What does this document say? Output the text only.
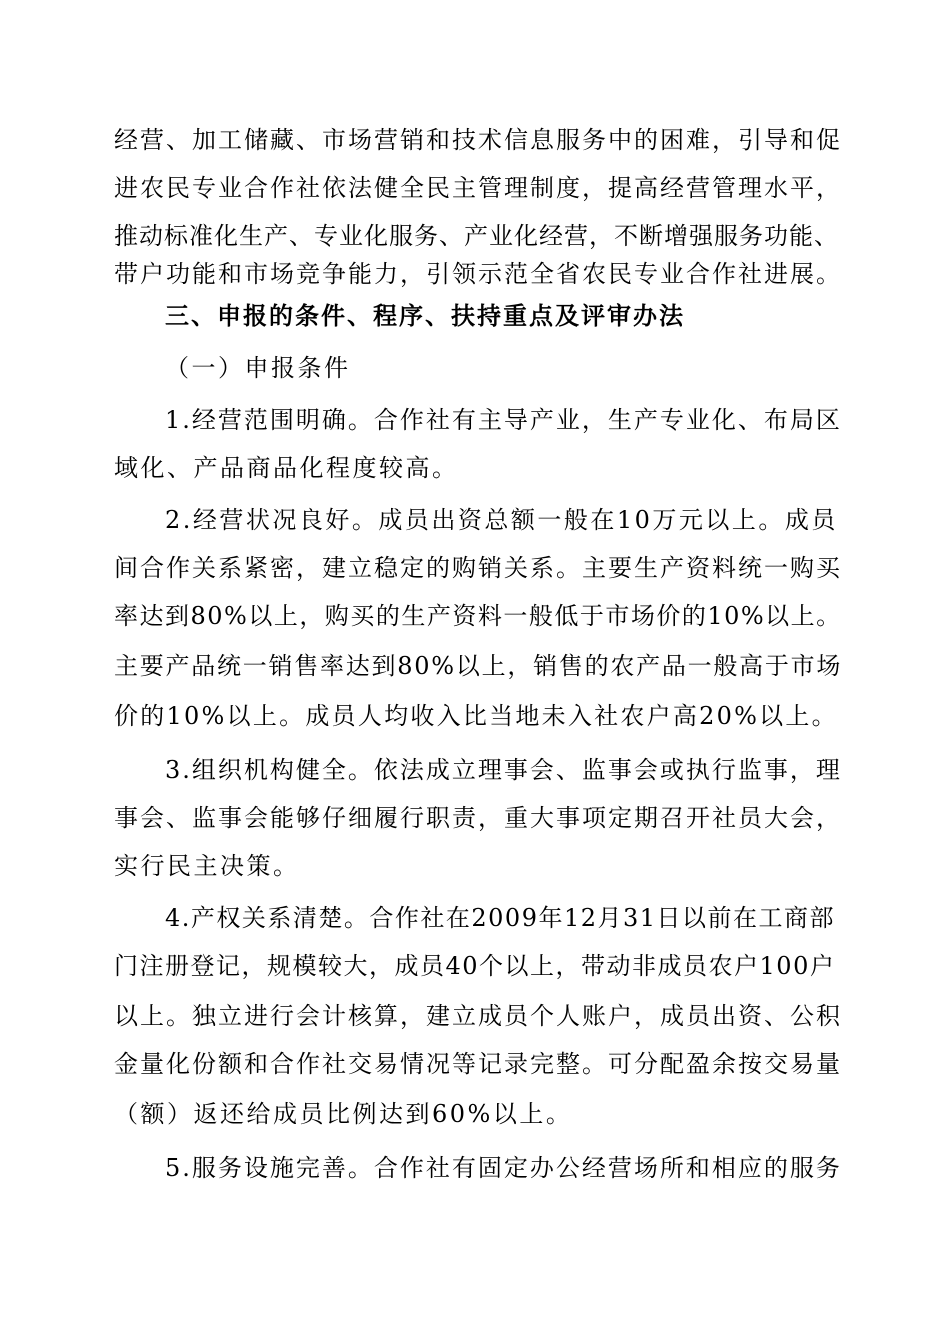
经营、加工储藏、市场营销和技术信息服务中的困难，引导和促
进农民专业合作社依法健全民主管理制度，提高经营管理水平，
推动标准化生产、专业化服务、产业化经营，不断增强服务功能、
带户功能和市场竞争能力，引领示范全省农民专业合作社进展。
三、申报的条件、程序、扶持重点及评审办法
（一）申报条件
1.经营范围明确。合作社有主导产业，生产专业化、布局区
域化、产品商品化程度较高。
2.经营状况良好。成员出资总额一般在10万元以上。成员
间合作关系紧密，建立稳定的购销关系。主要生产资料统一购买
率达到80%以上，购买的生产资料一般低于市场价的10%以上。
主要产品统一销售率达到80%以上，销售的农产品一般高于市场
价的10%以上。成员人均收入比当地未入社农户高20%以上。
3.组织机构健全。依法成立理事会、监事会或执行监事，理
事会、监事会能够仔细履行职责，重大事项定期召开社员大会，
实行民主决策。
4.产权关系清楚。合作社在2009年12月31日以前在工商部
门注册登记，规模较大，成员40个以上，带动非成员农户100户
以上。独立进行会计核算，建立成员个人账户，成员出资、公积
金量化份额和合作社交易情况等记录完整。可分配盈余按交易量
（额）返还给成员比例达到60%以上。
5.服务设施完善。合作社有固定办公经营场所和相应的服务
